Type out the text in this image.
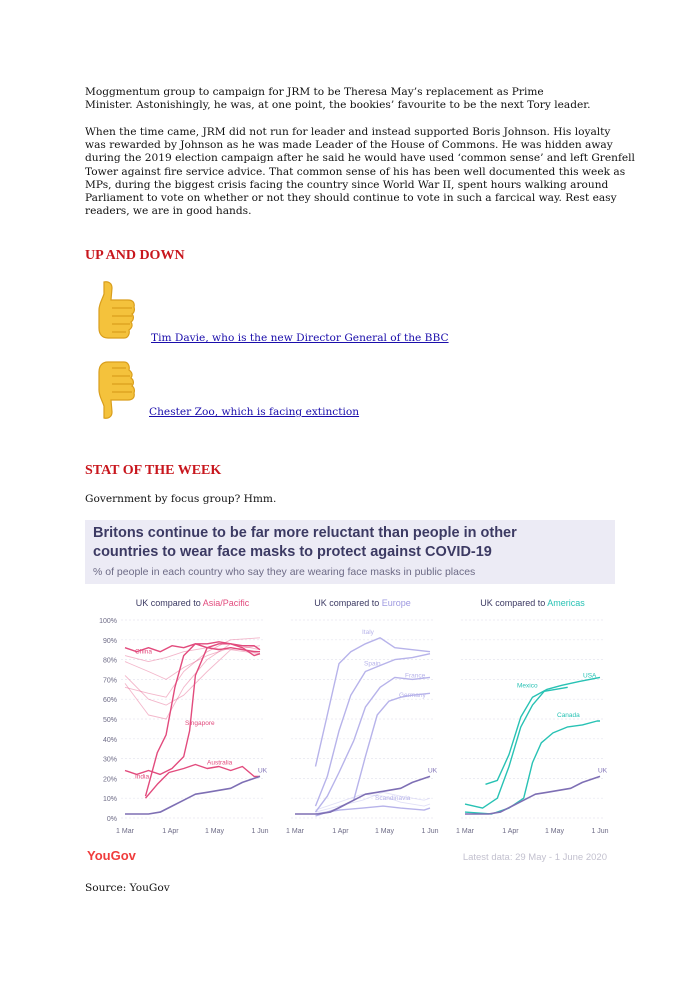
Moggmentum group to campaign for JRM to be Theresa May’s replacement as Prime
Minister. Astonishingly, he was, at one point, the bookies’ favourite to be the next Tory leader.

When the time came, JRM did not run for leader and instead supported Boris Johnson. His loyalty
was rewarded by Johnson as he was made Leader of the House of Commons. He was hidden away
during the 2019 election campaign after he said he would have used ‘common sense’ and left Grenfell
Tower against fire service advice. That common sense of his has been well documented this week as
MPs, during the biggest crisis facing the country since World War II, spent hours walking around
Parliament to vote on whether or not they should continue to vote in such a farcical way. Rest easy
readers, we are in good hands.

UP AND DOWN
Tim Davie, who is the new Director General of the BBC
Chester Zoo, which is facing extinction
STAT OF THE WEEK
Government by focus group? Hmm.
Britons continue to be far more reluctant than people in other
countries to wear face masks to protect against COVID-19
% of people in each country who say they are wearing face masks in public places
100%
90%
80%
70%
60%
50%
40%
30%
20%
10%
0%
UK compared to Asia/Pacific
1 Mar	1 Apr	1 May	1 Jun
China
India
Singapore
Australia
UK
UK compared to Europe
1 Mar	1 Apr	1 May	1 Jun
Italy
Spain
France
Germany
Scandinavia
UK
UK compared to Americas
1 Mar	1 Apr	1 May	1 Jun
USA
Mexico
Canada
UK
YouGov	Latest data: 29 May - 1 June 2020
Source: YouGov
